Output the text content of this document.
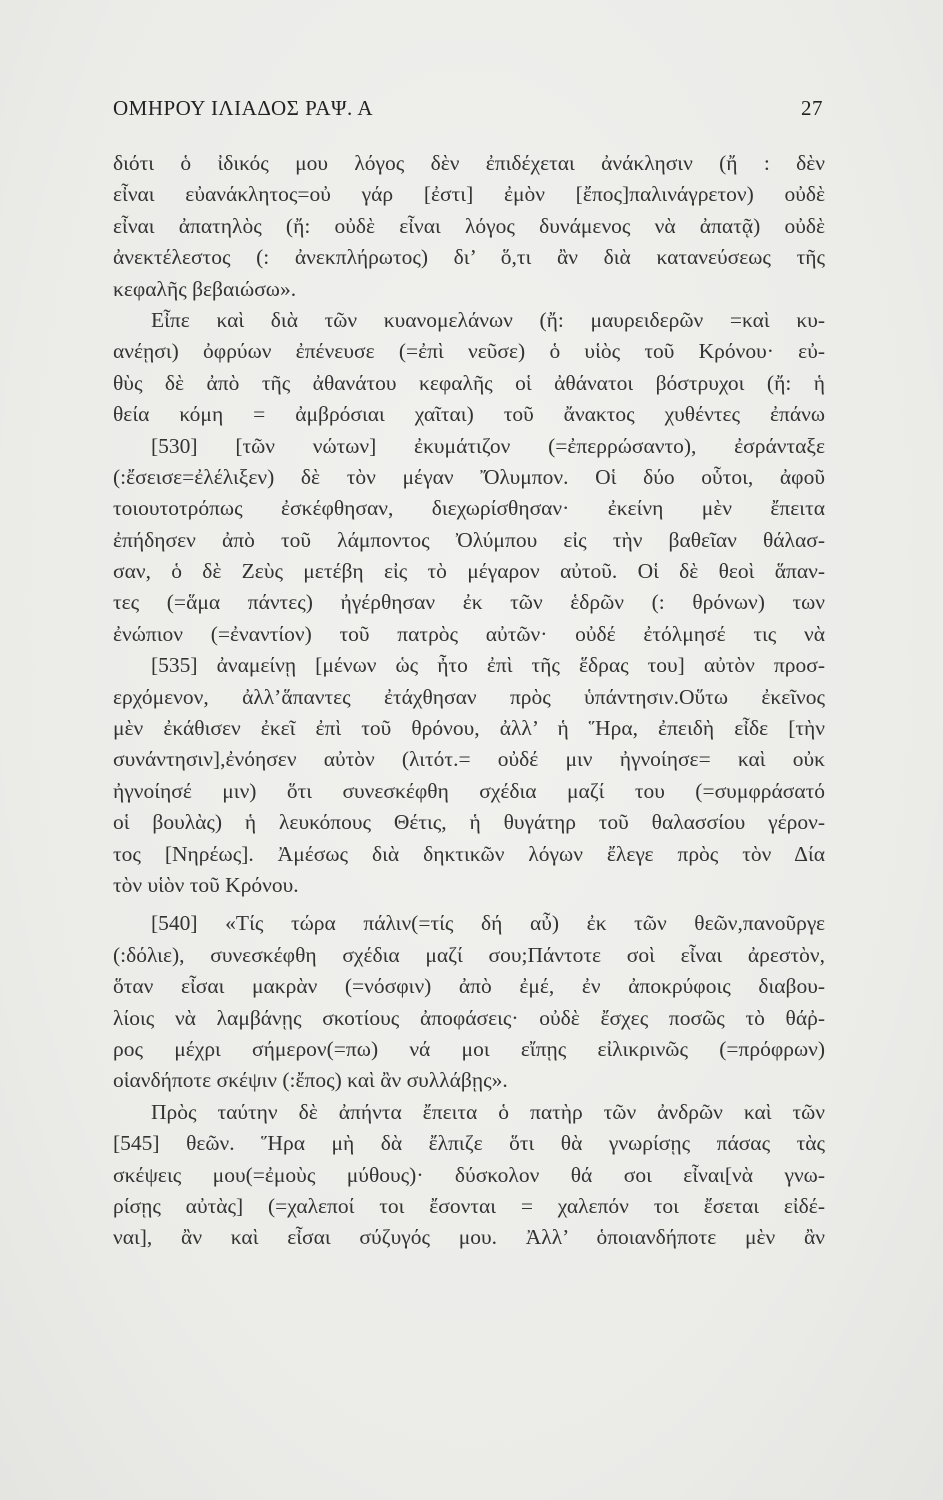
ΟΜΗΡΟΥ ΙΛΙΑΔΟΣ ΡΑΨ. Α	27
διότι ὁ ἰδικός μου λόγος δὲν ἐπιδέχεται ἀνάκλησιν (ἤ : δὲν
εἶναι εὐανάκλητος=οὐ γάρ [ἐστι] ἐμὸν [ἔπος]παλινάγρετον) οὐδὲ
εἶναι ἀπατηλὸς (ἤ: οὐδὲ εἶναι λόγος δυνάμενος νὰ ἀπατᾷ) οὐδὲ
ἀνεκτέλεστος (: ἀνεκπλήρωτος) δι’ ὅ,τι ἂν διὰ κατανεύσεως τῆς
κεφαλῆς βεβαιώσω».
Εἶπε καὶ διὰ τῶν κυανομελάνων (ἤ: μαυρειδερῶν =καὶ κυ-
ανέῃσι) ὀφρύων ἐπένευσε (=ἐπὶ νεῦσε) ὁ υἱὸς τοῦ Κρόνου· εὐ-
θὺς δὲ ἀπὸ τῆς ἀθανάτου κεφαλῆς οἱ ἀθάνατοι βόστρυχοι (ἤ: ἡ
θεία κόμη = ἀμβρόσιαι χαῖται) τοῦ ἄνακτος χυθέντες ἐπάνω
[530] [τῶν νώτων] ἐκυμάτιζον (=ἐπερρώσαντο), ἐσράνταξε
(:ἔσεισε=ἐλέλιξεν) δὲ τὸν μέγαν Ὄλυμπον. Οἱ δύο οὗτοι, ἀφοῦ
τοιουτοτρόπως ἐσκέφθησαν, διεχωρίσθησαν· ἐκείνη μὲν ἔπειτα
ἐπήδησεν ἀπὸ τοῦ λάμποντος Ὀλύμπου εἰς τὴν βαθεῖαν θάλασ-
σαν, ὁ δὲ Ζεὺς μετέβη εἰς τὸ μέγαρον αὐτοῦ. Οἱ δὲ θεοὶ ἅπαν-
τες (=ἅμα πάντες) ἠγέρθησαν ἐκ τῶν ἑδρῶν (: θρόνων) των
ἐνώπιον (=ἐναντίον) τοῦ πατρὸς αὐτῶν· οὐδέ ἐτόλμησέ τις νὰ
[535] ἀναμείνῃ [μένων ὡς ἦτο ἐπὶ τῆς ἕδρας του] αὐτὸν προσ-
ερχόμενον, ἀλλ’ἅπαντες ἐτάχθησαν πρὸς ὑπάντησιν.Οὕτω ἐκεῖνος
μὲν ἐκάθισεν ἐκεῖ ἐπὶ τοῦ θρόνου, ἀλλ’ ἡ Ἥρα, ἐπειδὴ εἶδε [τὴν
συνάντησιν],ἐνόησεν αὐτὸν (λιτότ.= οὐδέ μιν ἠγνοίησε= καὶ οὐκ
ἠγνοίησέ μιν) ὅτι συνεσκέφθη σχέδια μαζί του (=συμφράσατό
οἱ βουλὰς) ἡ λευκόπους Θέτις, ἡ θυγάτηρ τοῦ θαλασσίου γέρον-
τος [Νηρέως]. Ἀμέσως διὰ δηκτικῶν λόγων ἔλεγε πρὸς τὸν Δία
τὸν υἱὸν τοῦ Κρόνου.
[540] «Τίς τώρα πάλιν(=τίς δή αὖ) ἐκ τῶν θεῶν,πανοῦργε
(:δόλιε), συνεσκέφθη σχέδια μαζί σου;Πάντοτε σοὶ εἶναι ἀρεστὸν,
ὅταν εἶσαι μακρὰν (=νόσφιν) ἀπὸ ἐμέ, ἐν ἀποκρύφοις διαβου-
λίοις νὰ λαμβάνῃς σκοτίους ἀποφάσεις· οὐδὲ ἔσχες ποσῶς τὸ θάῤ-
ρος μέχρι σήμερον(=πω) νά μοι εἴπῃς εἰλικρινῶς (=πρόφρων)
οἱανδήποτε σκέψιν (:ἔπος) καὶ ἂν συλλάβῃς».
Πρὸς ταύτην δὲ ἀπήντα ἔπειτα ὁ πατὴρ τῶν ἀνδρῶν καὶ τῶν
[545] θεῶν. Ἥρα μὴ δὰ ἔλπιζε ὅτι θὰ γνωρίσῃς πάσας τὰς
σκέψεις μου(=ἐμοὺς μύθους)· δύσκολον θά σοι εἶναι[νὰ γνω-
ρίσῃς αὐτὰς] (=χαλεποί τοι ἔσονται = χαλεπόν τοι ἔσεται εἰδέ-
ναι], ἂν καὶ εἶσαι σύζυγός μου. Ἀλλ’ ὁποιανδήποτε μὲν ἂν
